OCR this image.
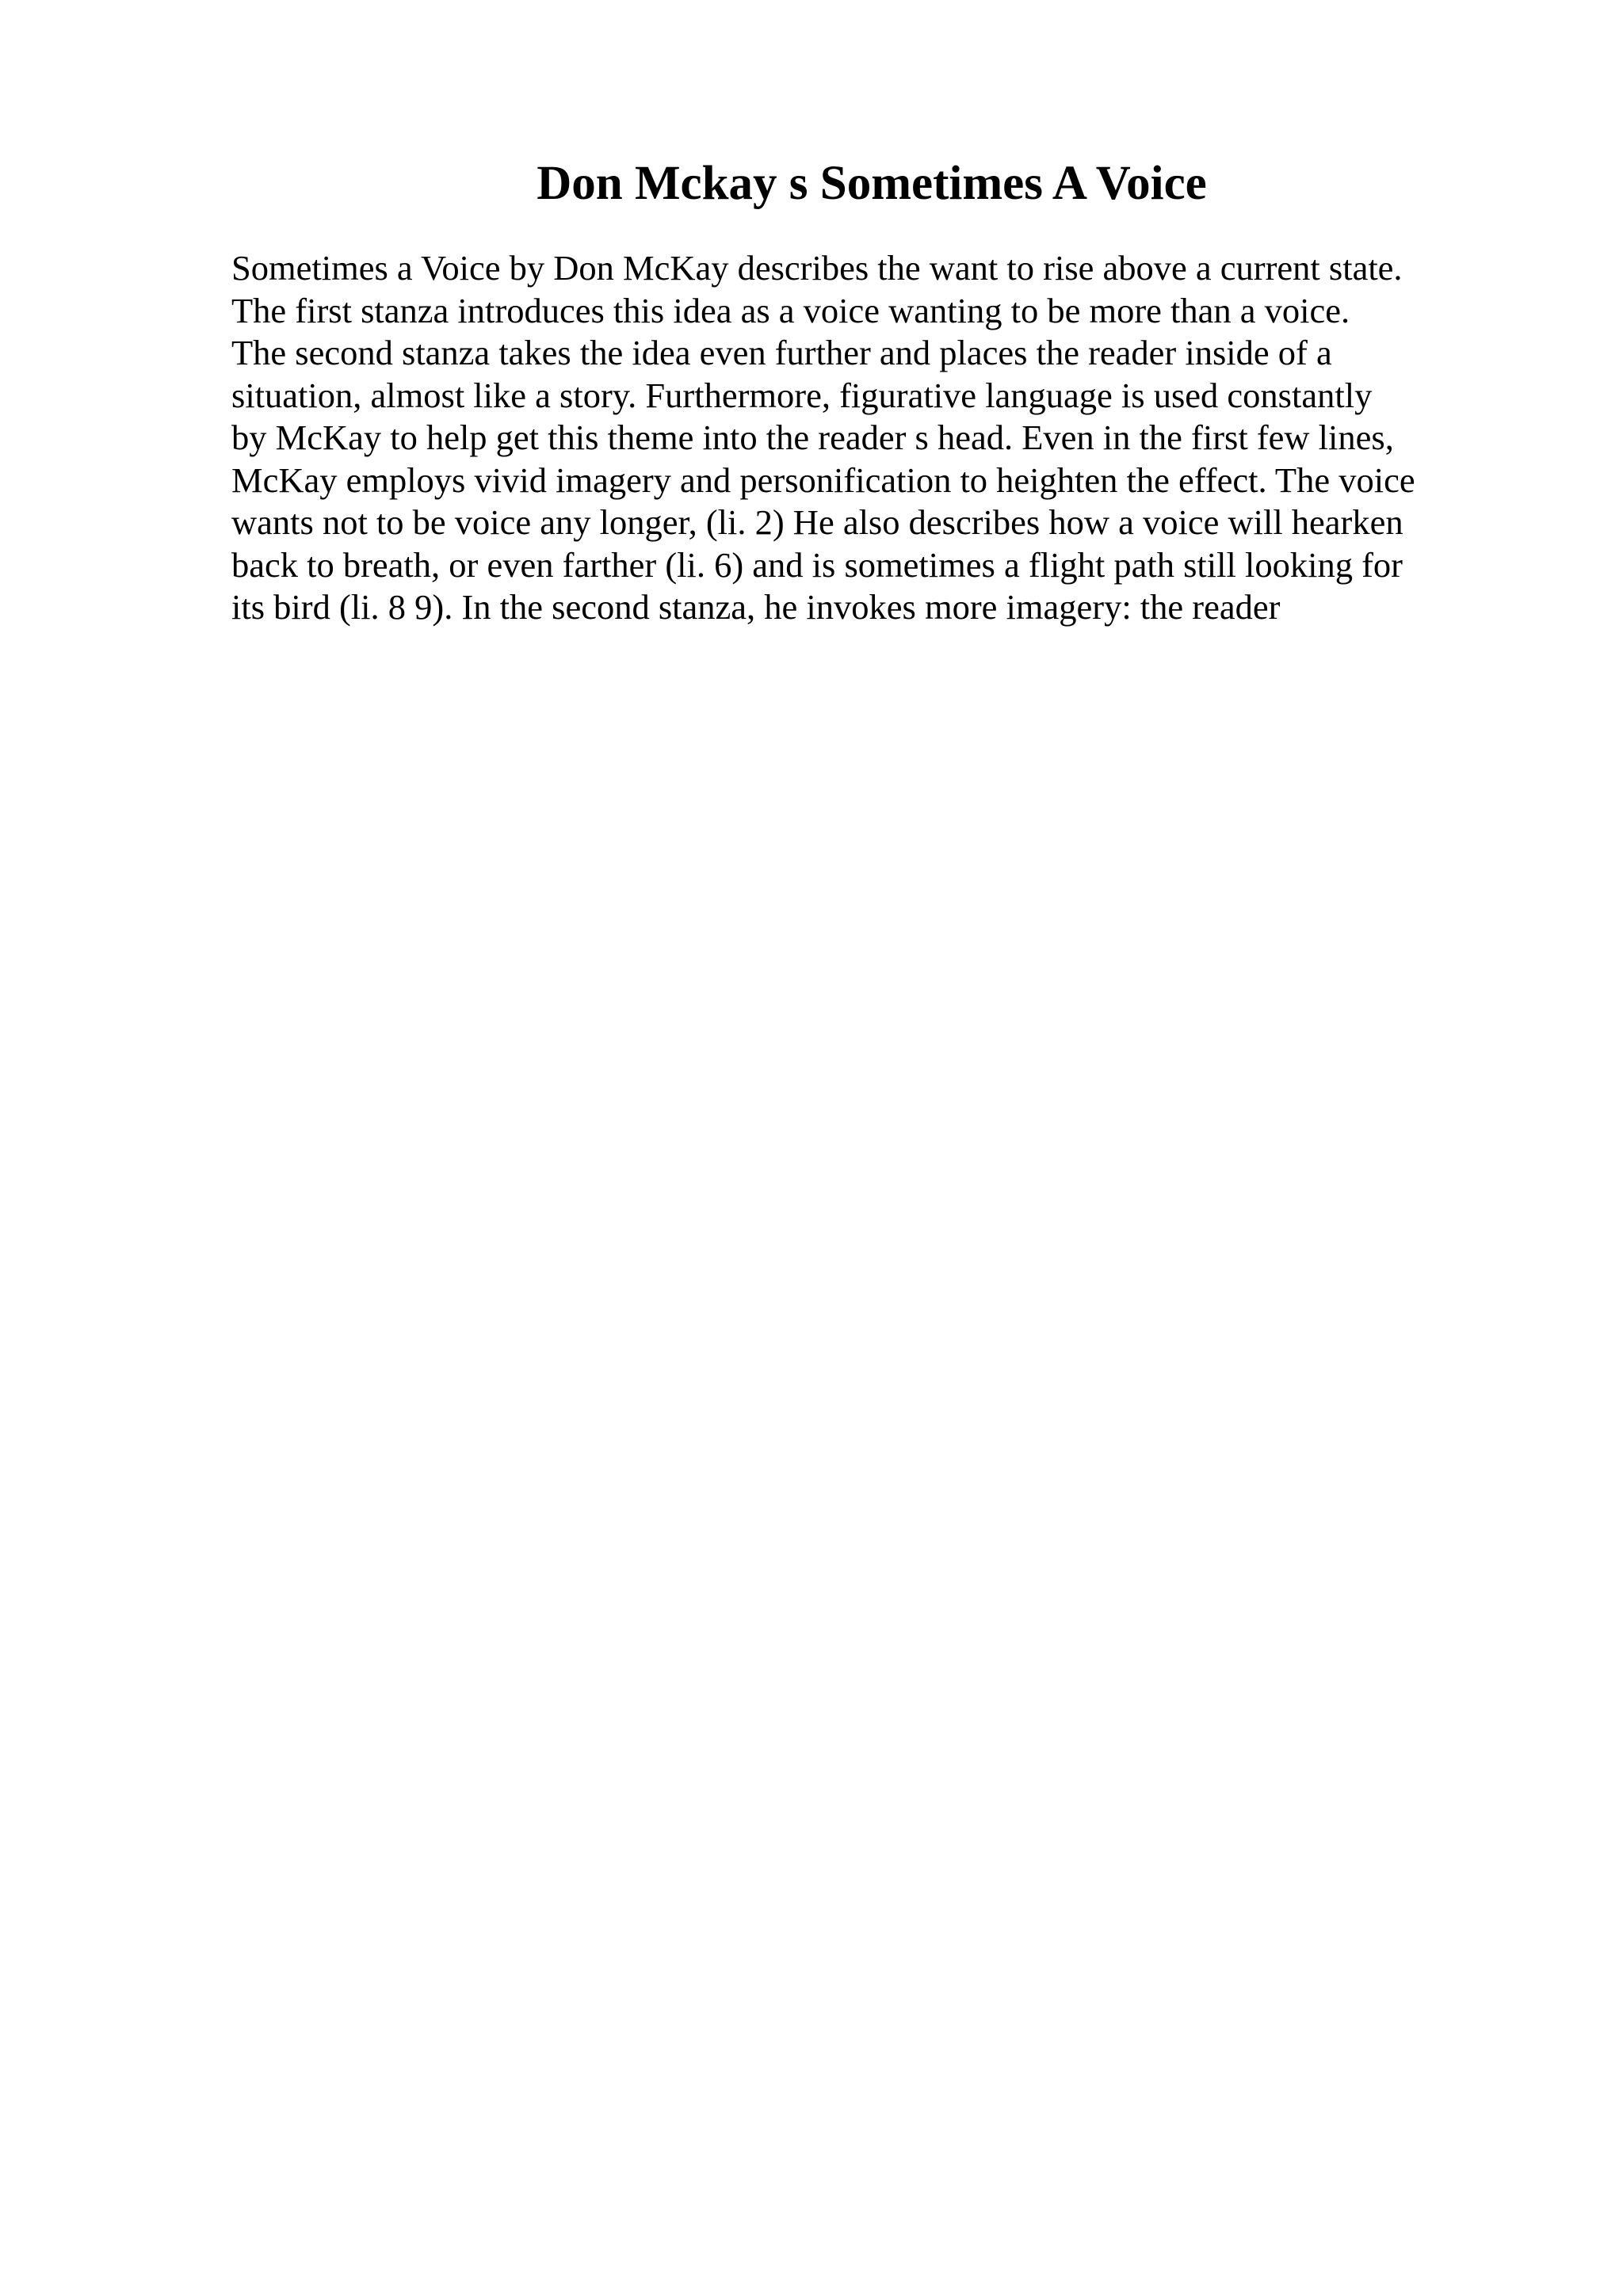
Don Mckay s Sometimes A Voice
Sometimes a Voice by Don McKay describes the want to rise above a current state.
The first stanza introduces this idea as a voice wanting to be more than a voice.
The second stanza takes the idea even further and places the reader inside of a
situation, almost like a story. Furthermore, figurative language is used constantly
by McKay to help get this theme into the reader s head. Even in the first few lines,
McKay employs vivid imagery and personification to heighten the effect. The voice
wants not to be voice any longer, (li. 2) He also describes how a voice will hearken
back to breath, or even farther (li. 6) and is sometimes a flight path still looking for
its bird (li. 8 9). In the second stanza, he invokes more imagery: the reader
